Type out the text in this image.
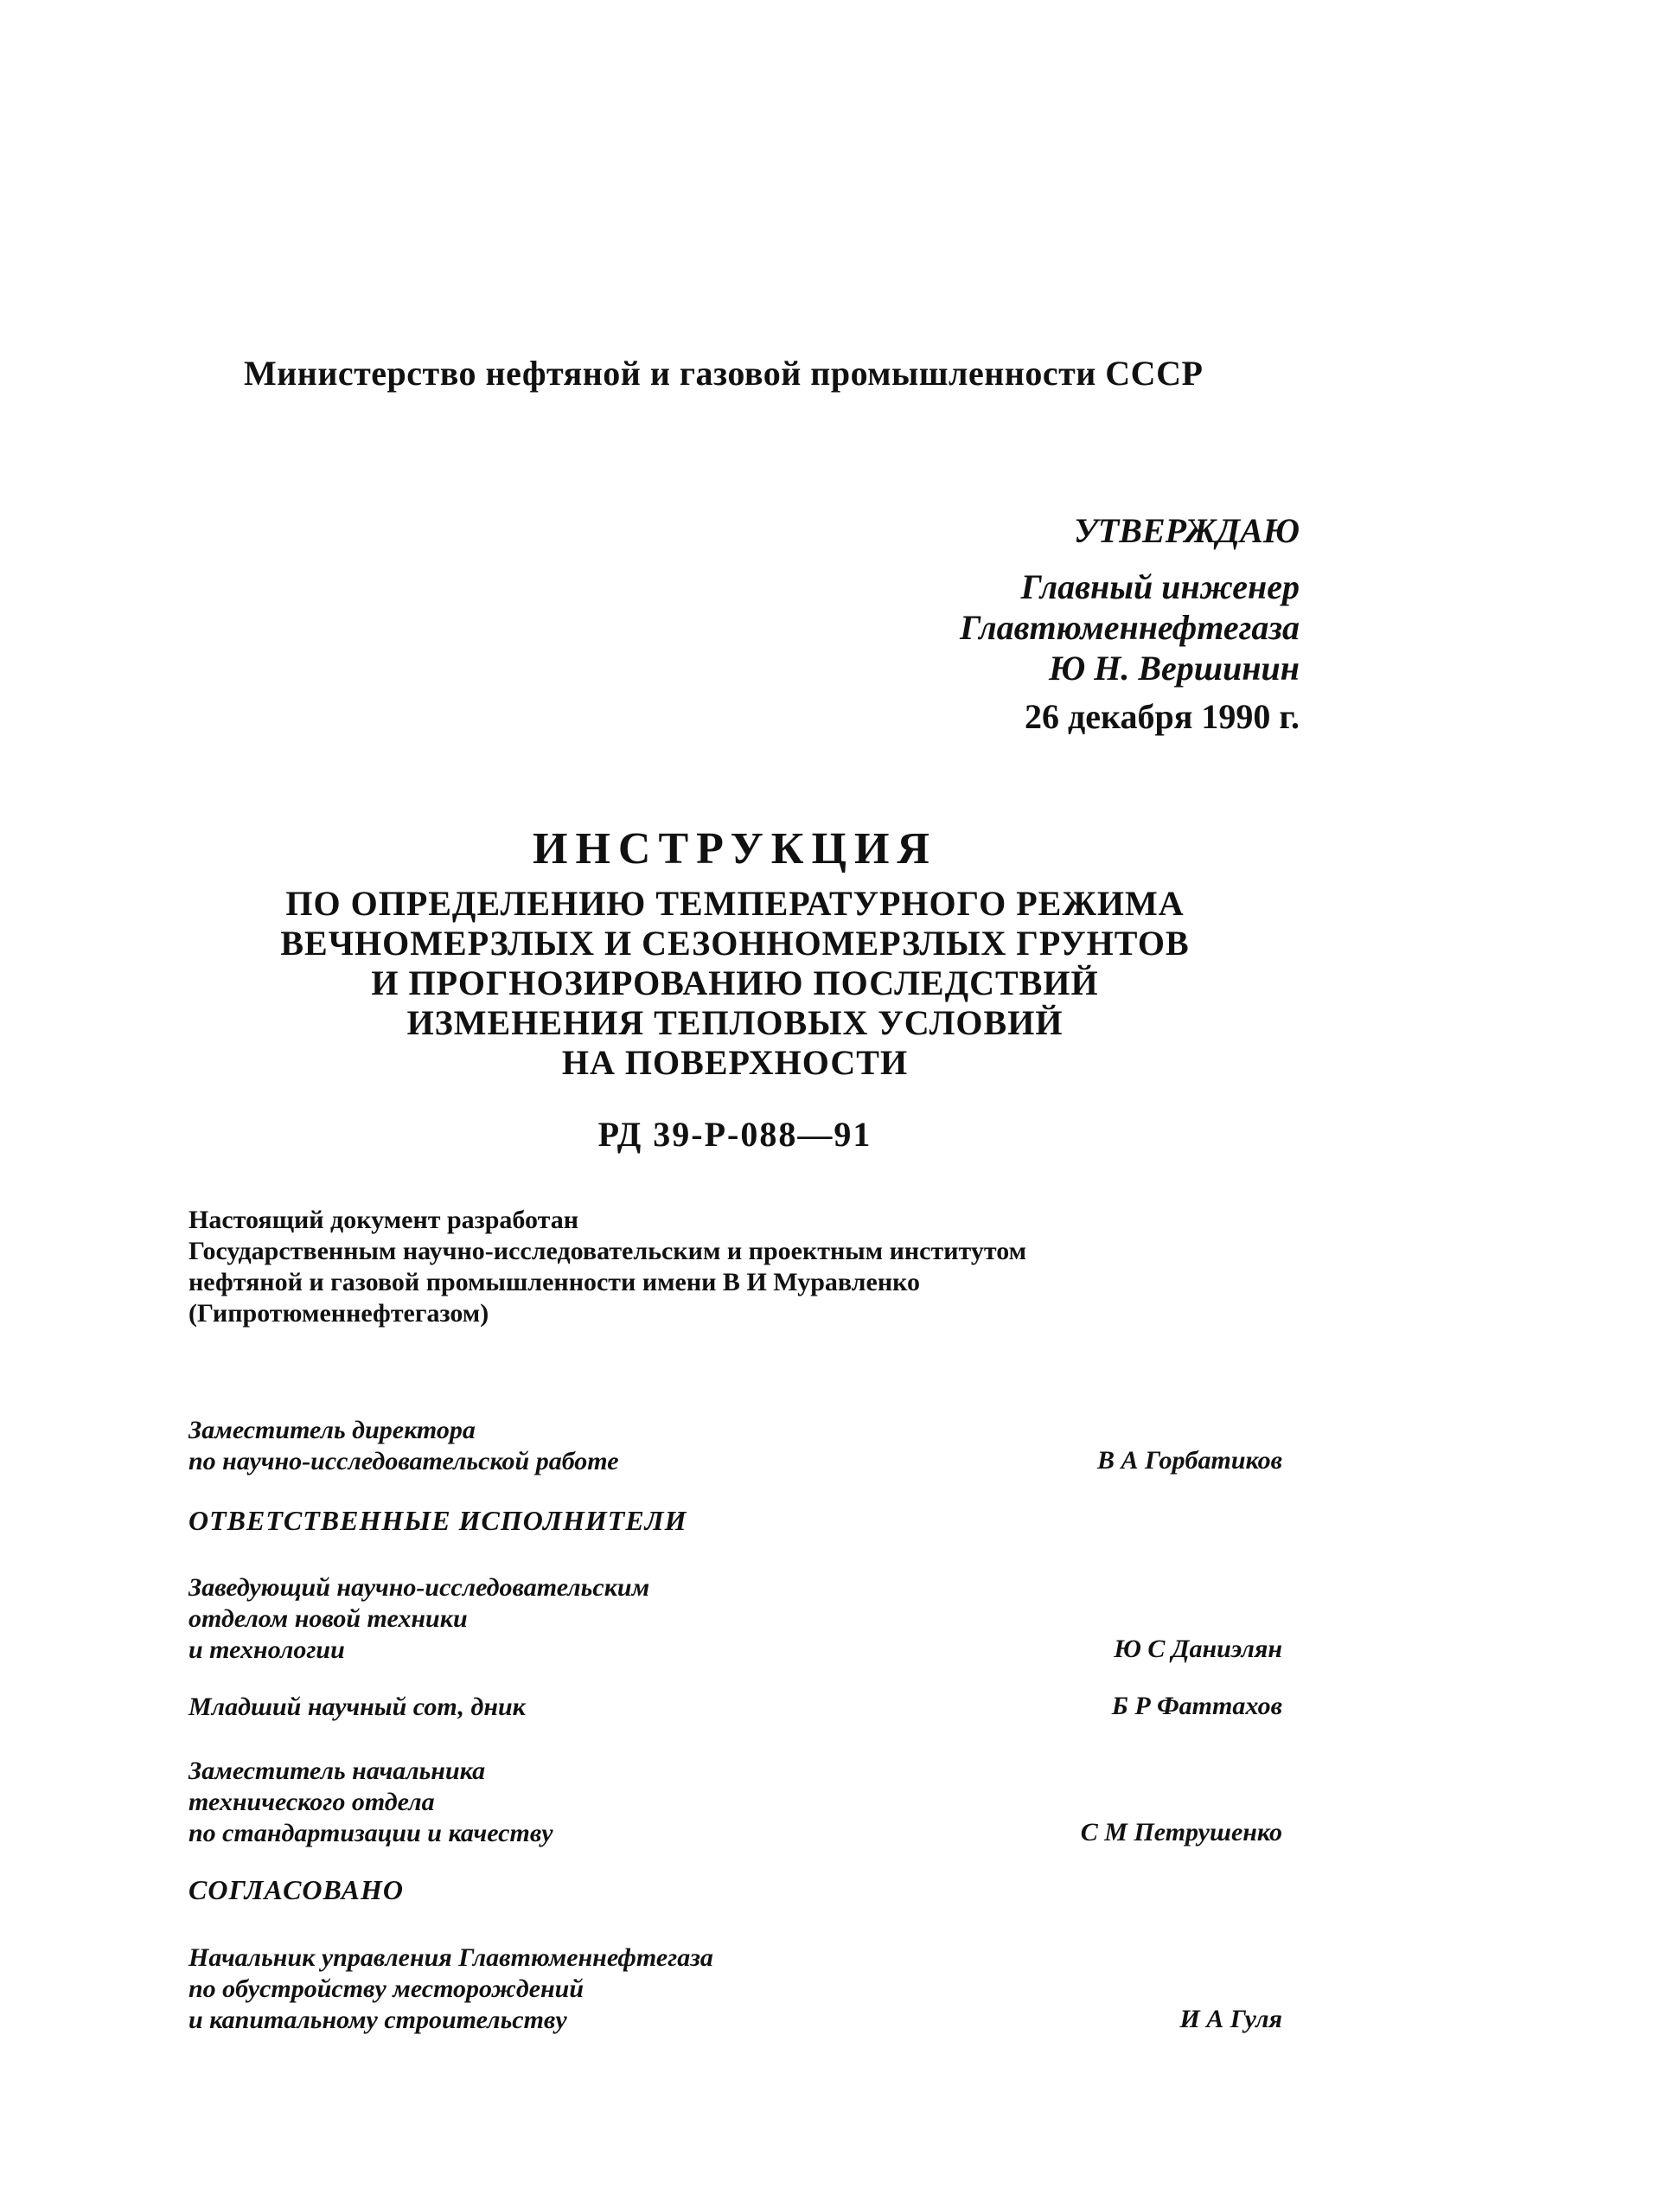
Министерство нефтяной и газовой промышленности СССР
УТВЕРЖДАЮ
Главный инженер
Главтюменнефтегаза
Ю Н. Вершинин
26 декабря 1990 г.
ИНСТРУКЦИЯ
ПО ОПРЕДЕЛЕНИЮ ТЕМПЕРАТУРНОГО РЕЖИМА
ВЕЧНОМЕРЗЛЫХ И СЕЗОННОМЕРЗЛЫХ ГРУНТОВ
И ПРОГНОЗИРОВАНИЮ ПОСЛЕДСТВИЙ
ИЗМЕНЕНИЯ ТЕПЛОВЫХ УСЛОВИЙ
НА ПОВЕРХНОСТИ
РД 39-Р-088—91
Настоящий документ разработан
Государственным научно-исследовательским и проектным институтом
нефтяной и газовой промышленности имени В И Муравленко
(Гипротюменнефтегазом)
Заместитель директора
по научно-исследовательской работе	В А Горбатиков
ОТВЕТСТВЕННЫЕ ИСПОЛНИТЕЛИ
Заведующий научно-исследовательским
отделом новой техники
и технологии	Ю С Даниэлян
Младший научный сот, дник	Б Р Фаттахов
Заместитель начальника
технического отдела
по стандартизации и качеству	С М Петрушенко
СОГЛАСОВАНО
Начальник управления Главтюменнефтегаза
по обустройству месторождений
и капитальному строительству	И А Гуля
